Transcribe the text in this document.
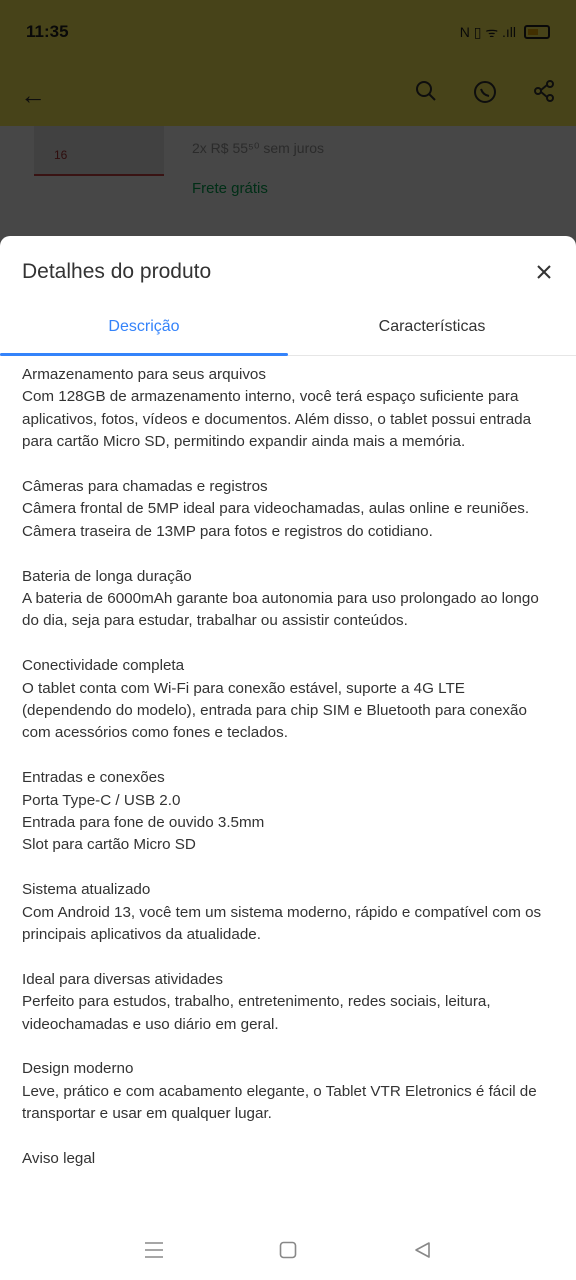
Detalhes do produto
Descrição	Características

Armazenamento para seus arquivos

Com 128GB de armazenamento interno, você terá espaço suficiente para aplicativos, fotos, vídeos e documentos. Além disso, o tablet possui entrada para cartão Micro SD, permitindo expandir ainda mais a memória.

Câmeras para chamadas e registros

Câmera frontal de 5MP ideal para videochamadas, aulas online e reuniões.

Câmera traseira de 13MP para fotos e registros do cotidiano.

Bateria de longa duração

A bateria de 6000mAh garante boa autonomia para uso prolongado ao longo do dia, seja para estudar, trabalhar ou assistir conteúdos.

Conectividade completa

O tablet conta com Wi-Fi para conexão estável, suporte a 4G LTE (dependendo do modelo), entrada para chip SIM e Bluetooth para conexão com acessórios como fones e teclados.

Entradas e conexões

Porta Type-C / USB 2.0

Entrada para fone de ouvido 3.5mm

Slot para cartão Micro SD

Sistema atualizado

Com Android 13, você tem um sistema moderno, rápido e compatível com os principais aplicativos da atualidade.

Ideal para diversas atividades

Perfeito para estudos, trabalho, entretenimento, redes sociais, leitura, videochamadas e uso diário em geral.

Design moderno

Leve, prático e com acabamento elegante, o Tablet VTR Eletronics é fácil de transportar e usar em qualquer lugar.

Aviso legal
